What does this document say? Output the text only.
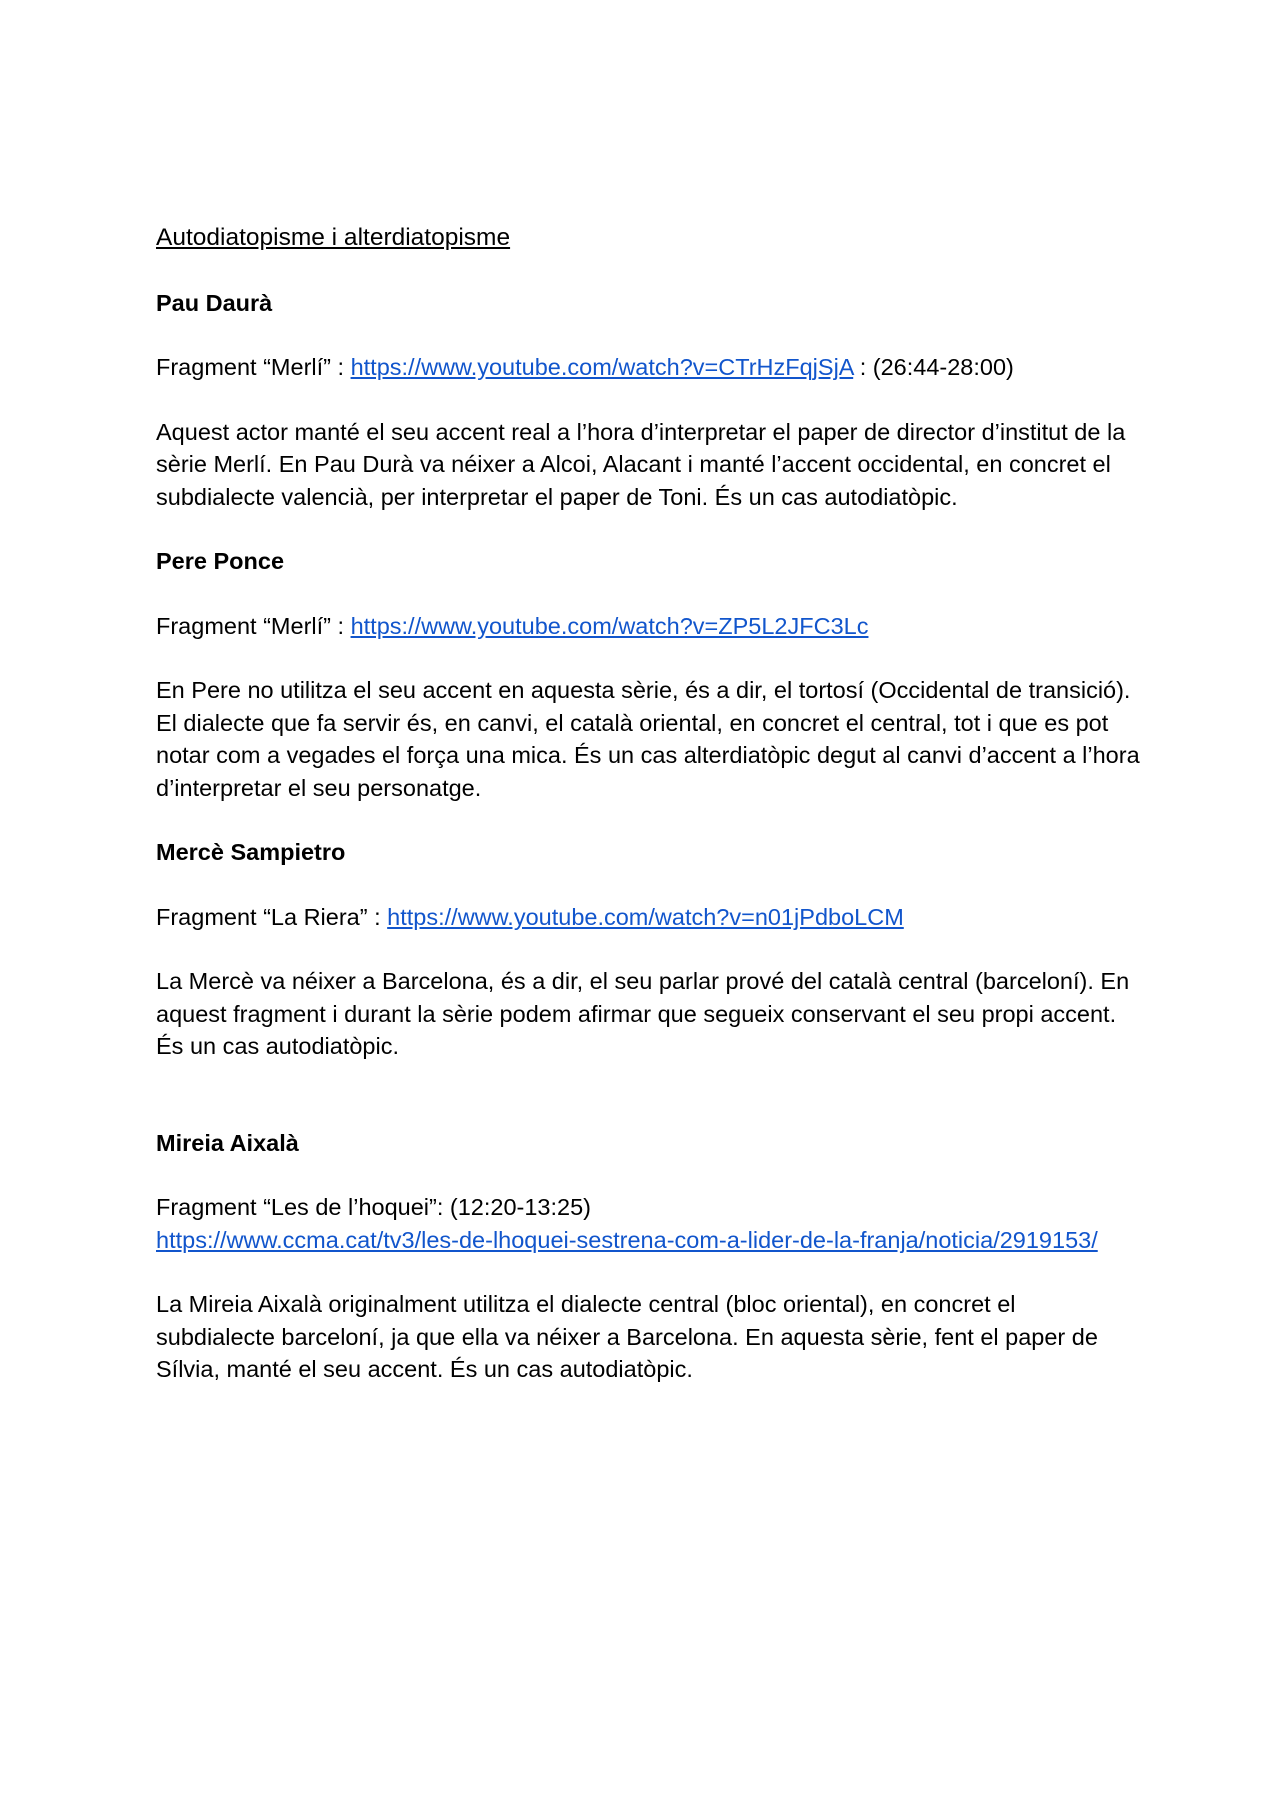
Autodiatopisme i alterdiatopisme
Pau Daurà
Fragment “Merlí” : https://www.youtube.com/watch?v=CTrHzFqjSjA : (26:44-28:00)
Aquest actor manté el seu accent real a l’hora d’interpretar el paper de director d’institut de la sèrie Merlí. En Pau Durà va néixer a Alcoi, Alacant i manté l’accent occidental, en concret el subdialecte valencià, per interpretar el paper de Toni. És un cas autodiatòpic.
Pere Ponce
Fragment “Merlí” : https://www.youtube.com/watch?v=ZP5L2JFC3Lc
En Pere no utilitza el seu accent en aquesta sèrie, és a dir, el tortosí (Occidental de transició). El dialecte que fa servir és, en canvi, el català oriental, en concret el central, tot i que es pot notar com a vegades el força una mica. És un cas alterdiatòpic degut al canvi d’accent a l’hora d’interpretar el seu personatge.
Mercè Sampietro
Fragment “La Riera” : https://www.youtube.com/watch?v=n01jPdboLCM
La Mercè va néixer a Barcelona, és a dir, el seu parlar prové del català central (barceloní). En aquest fragment i durant la sèrie podem afirmar que segueix conservant el seu propi accent. És un cas autodiatòpic.
Mireia Aixalà
Fragment “Les de l’hoquei”: (12:20-13:25)
https://www.ccma.cat/tv3/les-de-lhoquei-sestrena-com-a-lider-de-la-franja/noticia/2919153/
La Mireia Aixalà originalment utilitza el dialecte central (bloc oriental), en concret el subdialecte barceloní, ja que ella va néixer a Barcelona. En aquesta sèrie, fent el paper de Sílvia, manté el seu accent. És un cas autodiatòpic.
